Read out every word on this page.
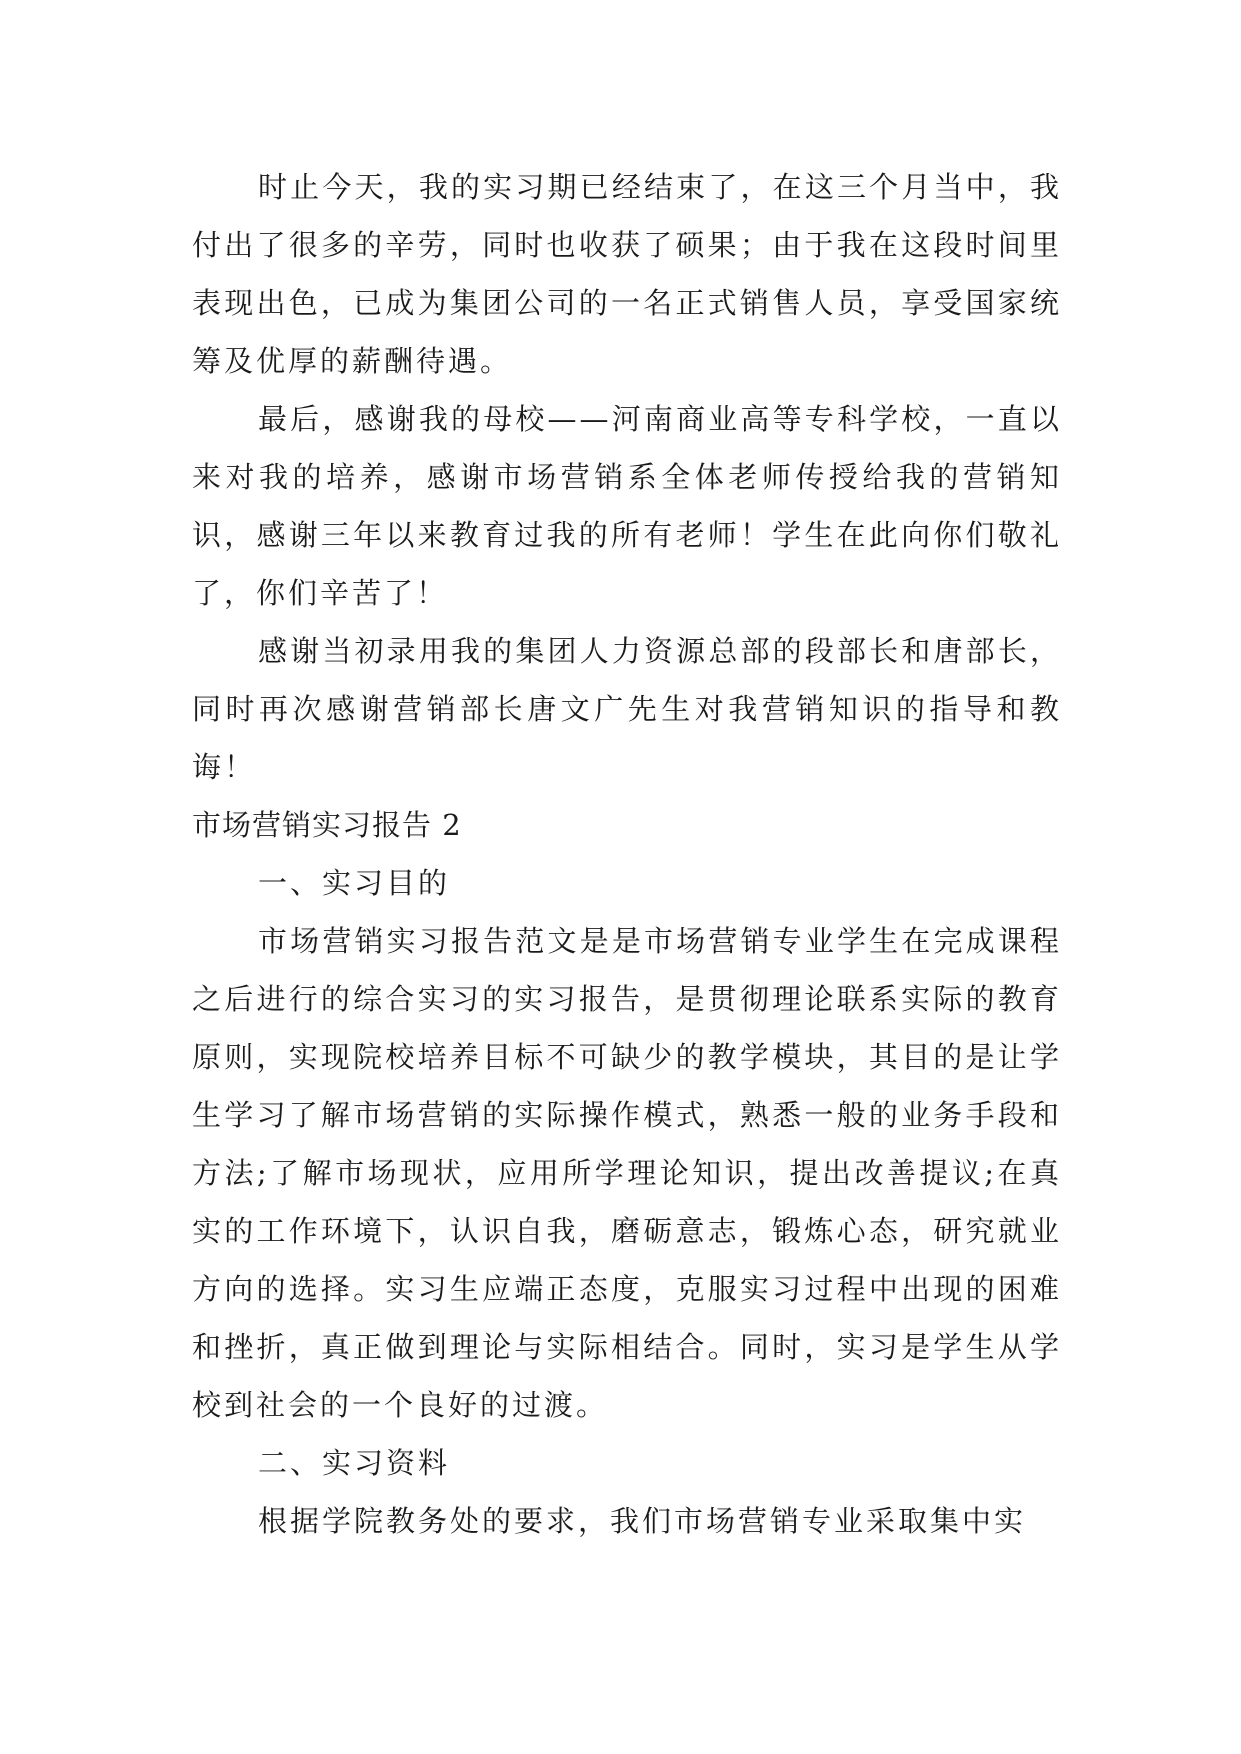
时止今天，我的实习期已经结束了，在这三个月当中，我付出了很多的辛劳，同时也收获了硕果；由于我在这段时间里表现出色，已成为集团公司的一名正式销售人员，享受国家统筹及优厚的薪酬待遇。

最后，感谢我的母校——河南商业高等专科学校，一直以来对我的培养，感谢市场营销系全体老师传授给我的营销知识，感谢三年以来教育过我的所有老师！学生在此向你们敬礼了，你们辛苦了！

感谢当初录用我的集团人力资源总部的段部长和唐部长，同时再次感谢营销部长唐文广先生对我营销知识的指导和教诲！

市场营销实习报告 2

一、实习目的

市场营销实习报告范文是是市场营销专业学生在完成课程之后进行的综合实习的实习报告，是贯彻理论联系实际的教育原则，实现院校培养目标不可缺少的教学模块，其目的是让学生学习了解市场营销的实际操作模式，熟悉一般的业务手段和方法;了解市场现状，应用所学理论知识，提出改善提议;在真实的工作环境下，认识自我，磨砺意志，锻炼心态，研究就业方向的选择。实习生应端正态度，克服实习过程中出现的困难和挫折，真正做到理论与实际相结合。同时，实习是学生从学校到社会的一个良好的过渡。

二、实习资料

根据学院教务处的要求，我们市场营销专业采取集中实
